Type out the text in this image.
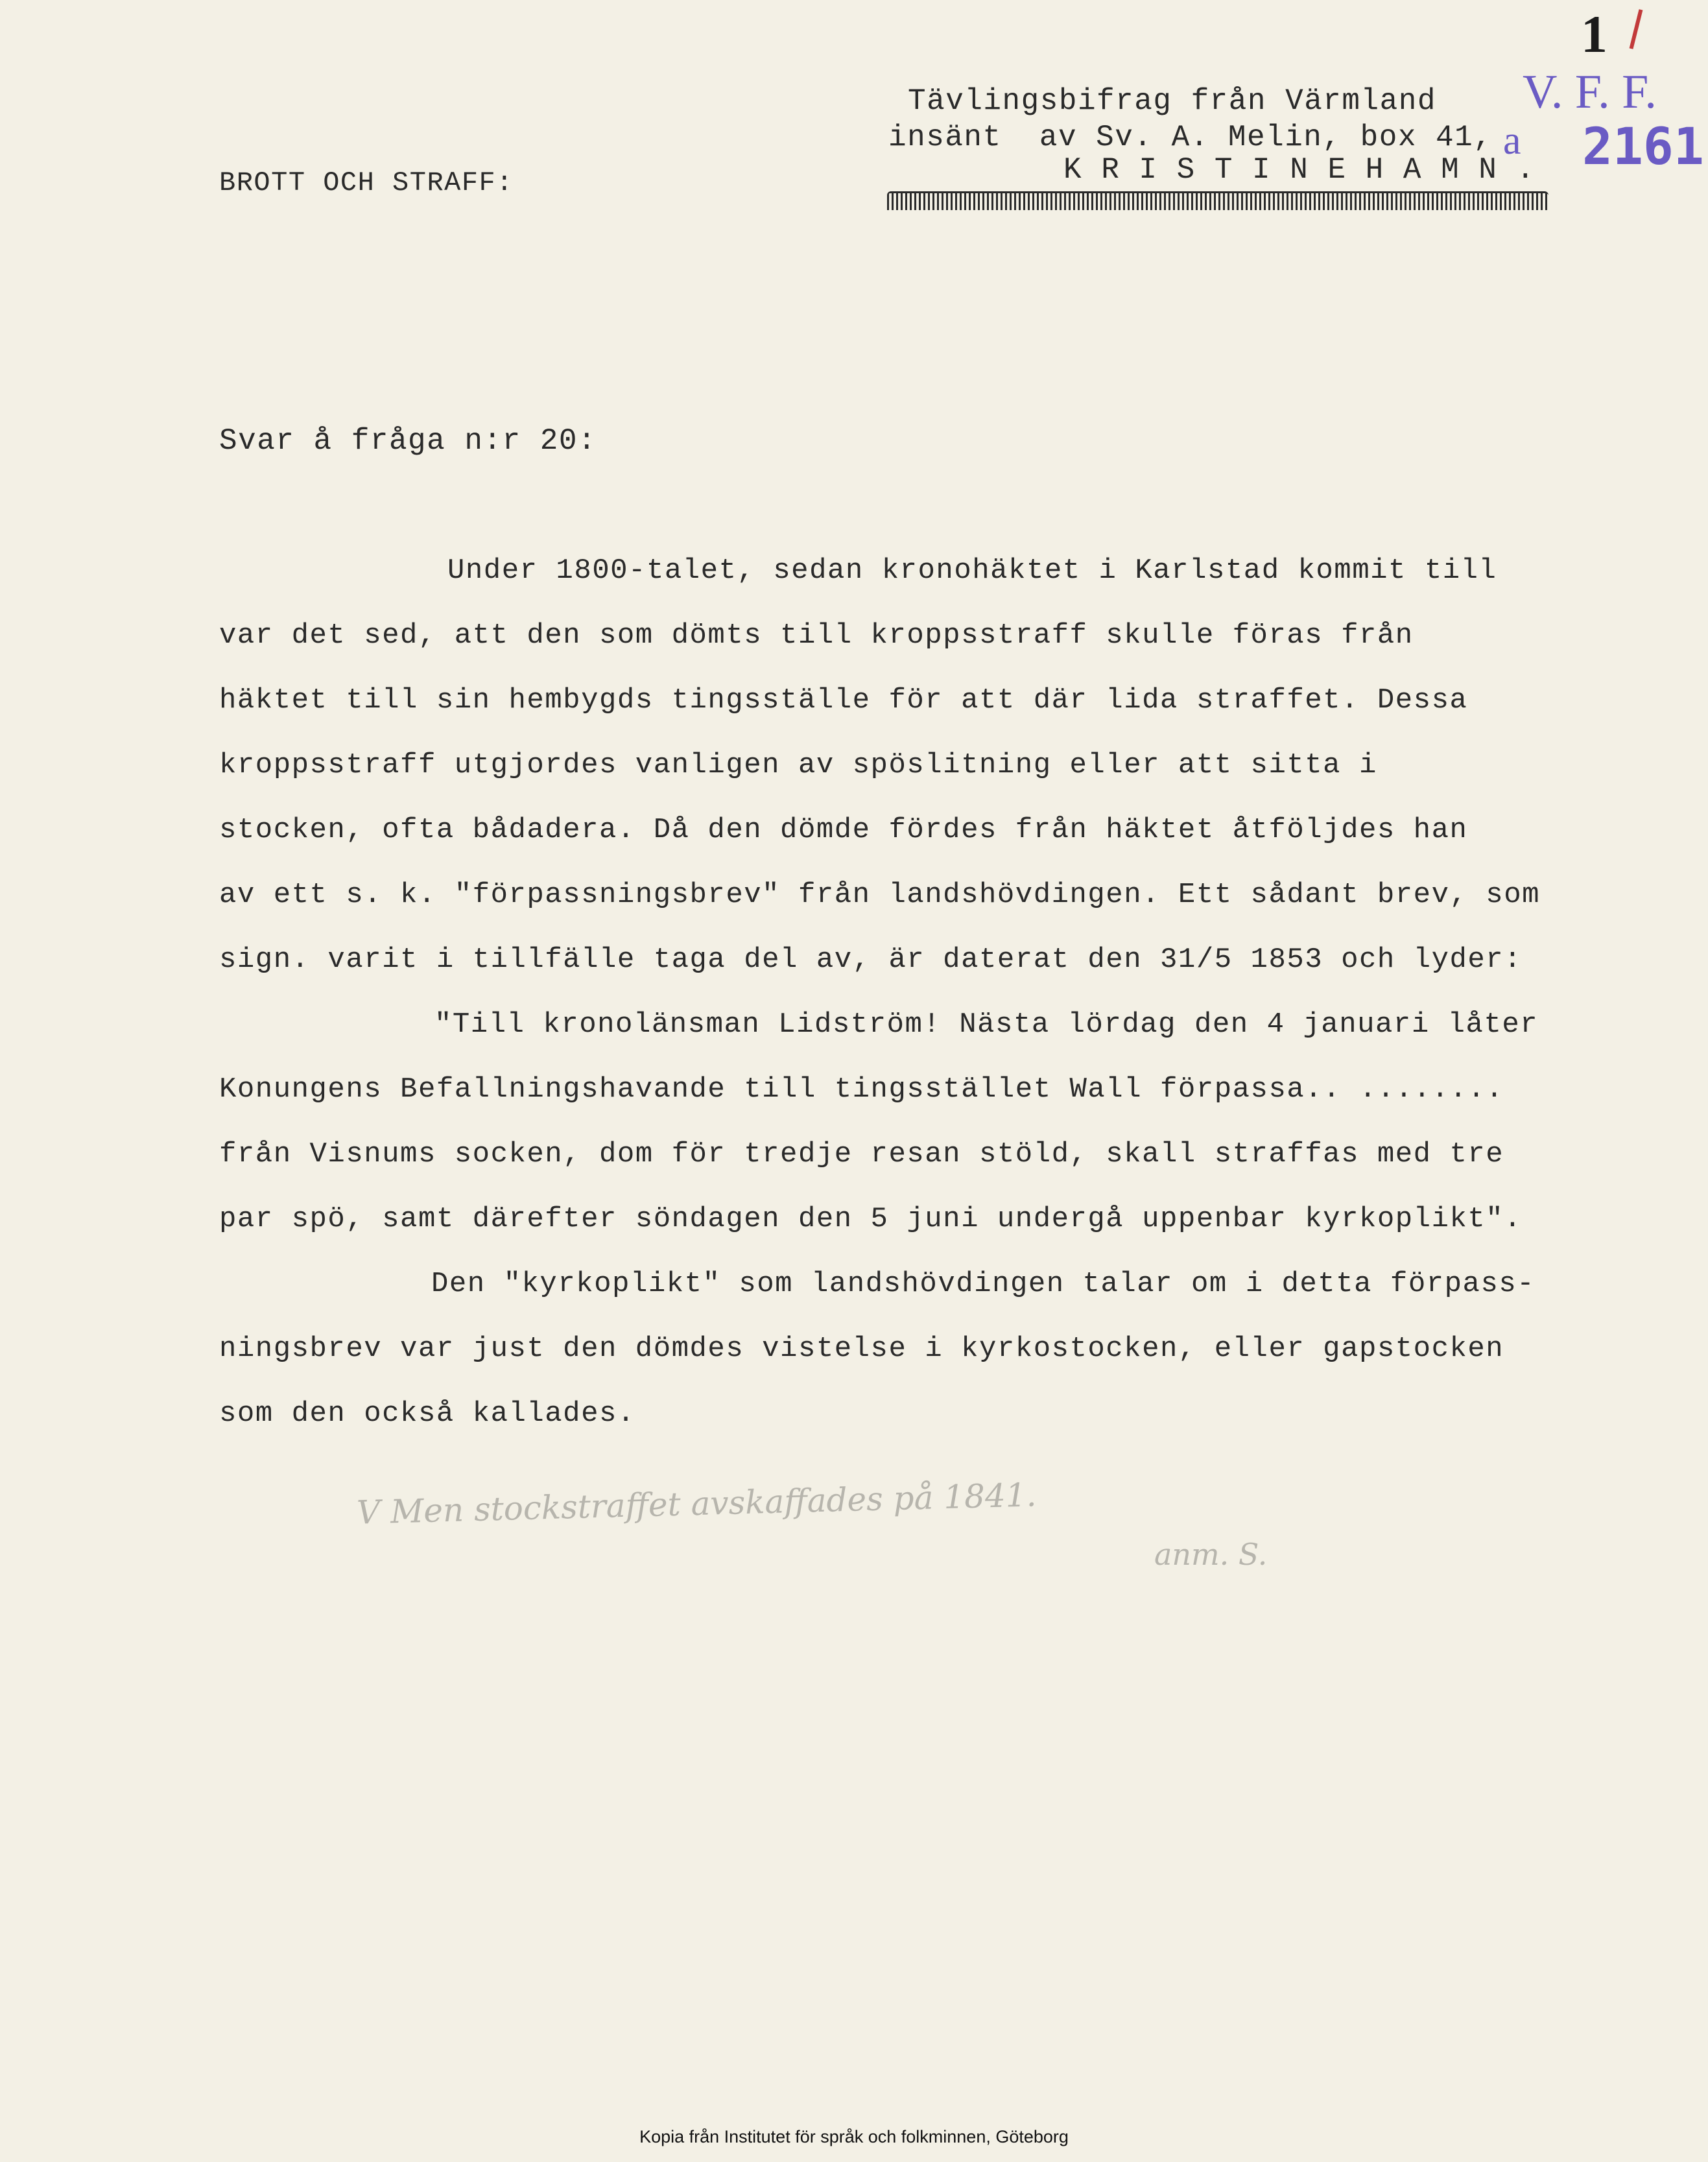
1
Tävlingsbifrag från Värmland
insänt  av Sv. A. Melin, box 41,
K R I S T I N E H A M N .
BROTT OCH STRAFF:
V. F. F.
a 2161
Svar å fråga n:r 20:
Under 1800-talet, sedan kronohäktet i Karlstad kommit till
var det sed, att den som dömts till kroppsstraff skulle föras från
häktet till sin hembygds tingsställe för att där lida straffet. Dessa
kroppsstraff utgjordes vanligen av spöslitning eller att sitta i
stocken, ofta bådadera. Då den dömde fördes från häktet åtföljdes han
av ett s. k. "förpassningsbrev" från landshövdingen. Ett sådant brev, som
sign. varit i tillfälle taga del av, är daterat den 31/5 1853 och lyder:
"Till kronolänsman Lidström! Nästa lördag den 4 januari låter
Konungens Befallningshavande till tingsstället Wall förpassa.. ........
från Visnums socken, dom för tredje resan stöld, skall straffas med tre
par spö, samt därefter söndagen den 5 juni undergå uppenbar kyrkoplikt".
Den "kyrkoplikt" som landshövdingen talar om i detta förpass-
ningsbrev var just den dömdes vistelse i kyrkostocken, eller gapstocken
som den också kallades.
V Men stockstraffet avskaffades på 1841.
anm. S.
Kopia från Institutet för språk och folkminnen, Göteborg
